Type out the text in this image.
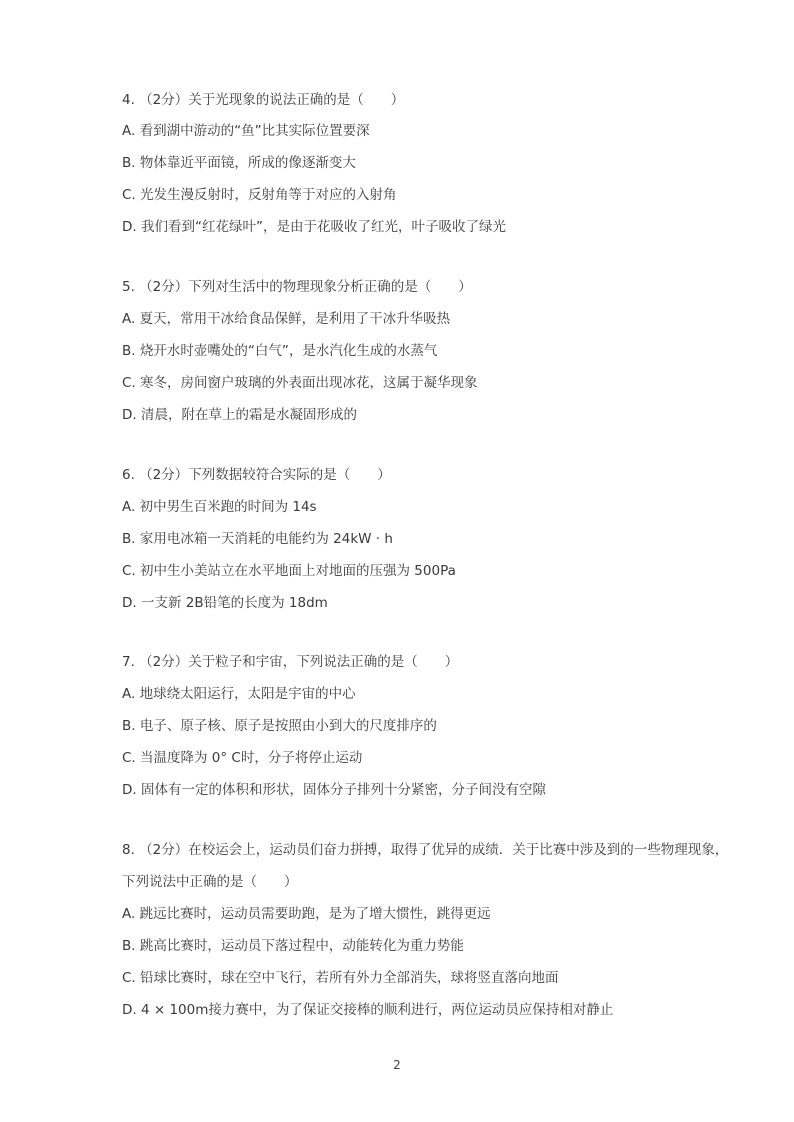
4. （2分）关于光现象的说法正确的是（　　）
A. 看到湖中游动的“鱼”比其实际位置要深
B. 物体靠近平面镜，所成的像逐渐变大
C. 光发生漫反射时，反射角等于对应的入射角
D. 我们看到“红花绿叶”，是由于花吸收了红光，叶子吸收了绿光
5. （2分）下列对生活中的物理现象分析正确的是（　　）
A. 夏天，常用干冰给食品保鲜，是利用了干冰升华吸热
B. 烧开水时壶嘴处的“白气”，是水汽化生成的水蒸气
C. 寒冬，房间窗户玻璃的外表面出现冰花，这属于凝华现象
D. 清晨，附在草上的霜是水凝固形成的
6. （2分）下列数据较符合实际的是（　　）
A. 初中男生百米跑的时间为 14s
B. 家用电冰箱一天消耗的电能约为 24kW · h
C. 初中生小美站立在水平地面上对地面的压强为 500Pa
D. 一支新 2B铅笔的长度为 18dm
7. （2分）关于粒子和宇宙，下列说法正确的是（　　）
A. 地球绕太阳运行，太阳是宇宙的中心
B. 电子、原子核、原子是按照由小到大的尺度排序的
C. 当温度降为 0° C时，分子将停止运动
D. 固体有一定的体积和形状，固体分子排列十分紧密，分子间没有空隙
8. （2分）在校运会上，运动员们奋力拼搏，取得了优异的成绩．关于比赛中涉及到的一些物理现象，
下列说法中正确的是（　　）
A. 跳远比赛时，运动员需要助跑，是为了增大惯性，跳得更远
B. 跳高比赛时，运动员下落过程中，动能转化为重力势能
C. 铅球比赛时，球在空中飞行，若所有外力全部消失，球将竖直落向地面
D. 4 × 100m接力赛中，为了保证交接棒的顺利进行，两位运动员应保持相对静止
2
